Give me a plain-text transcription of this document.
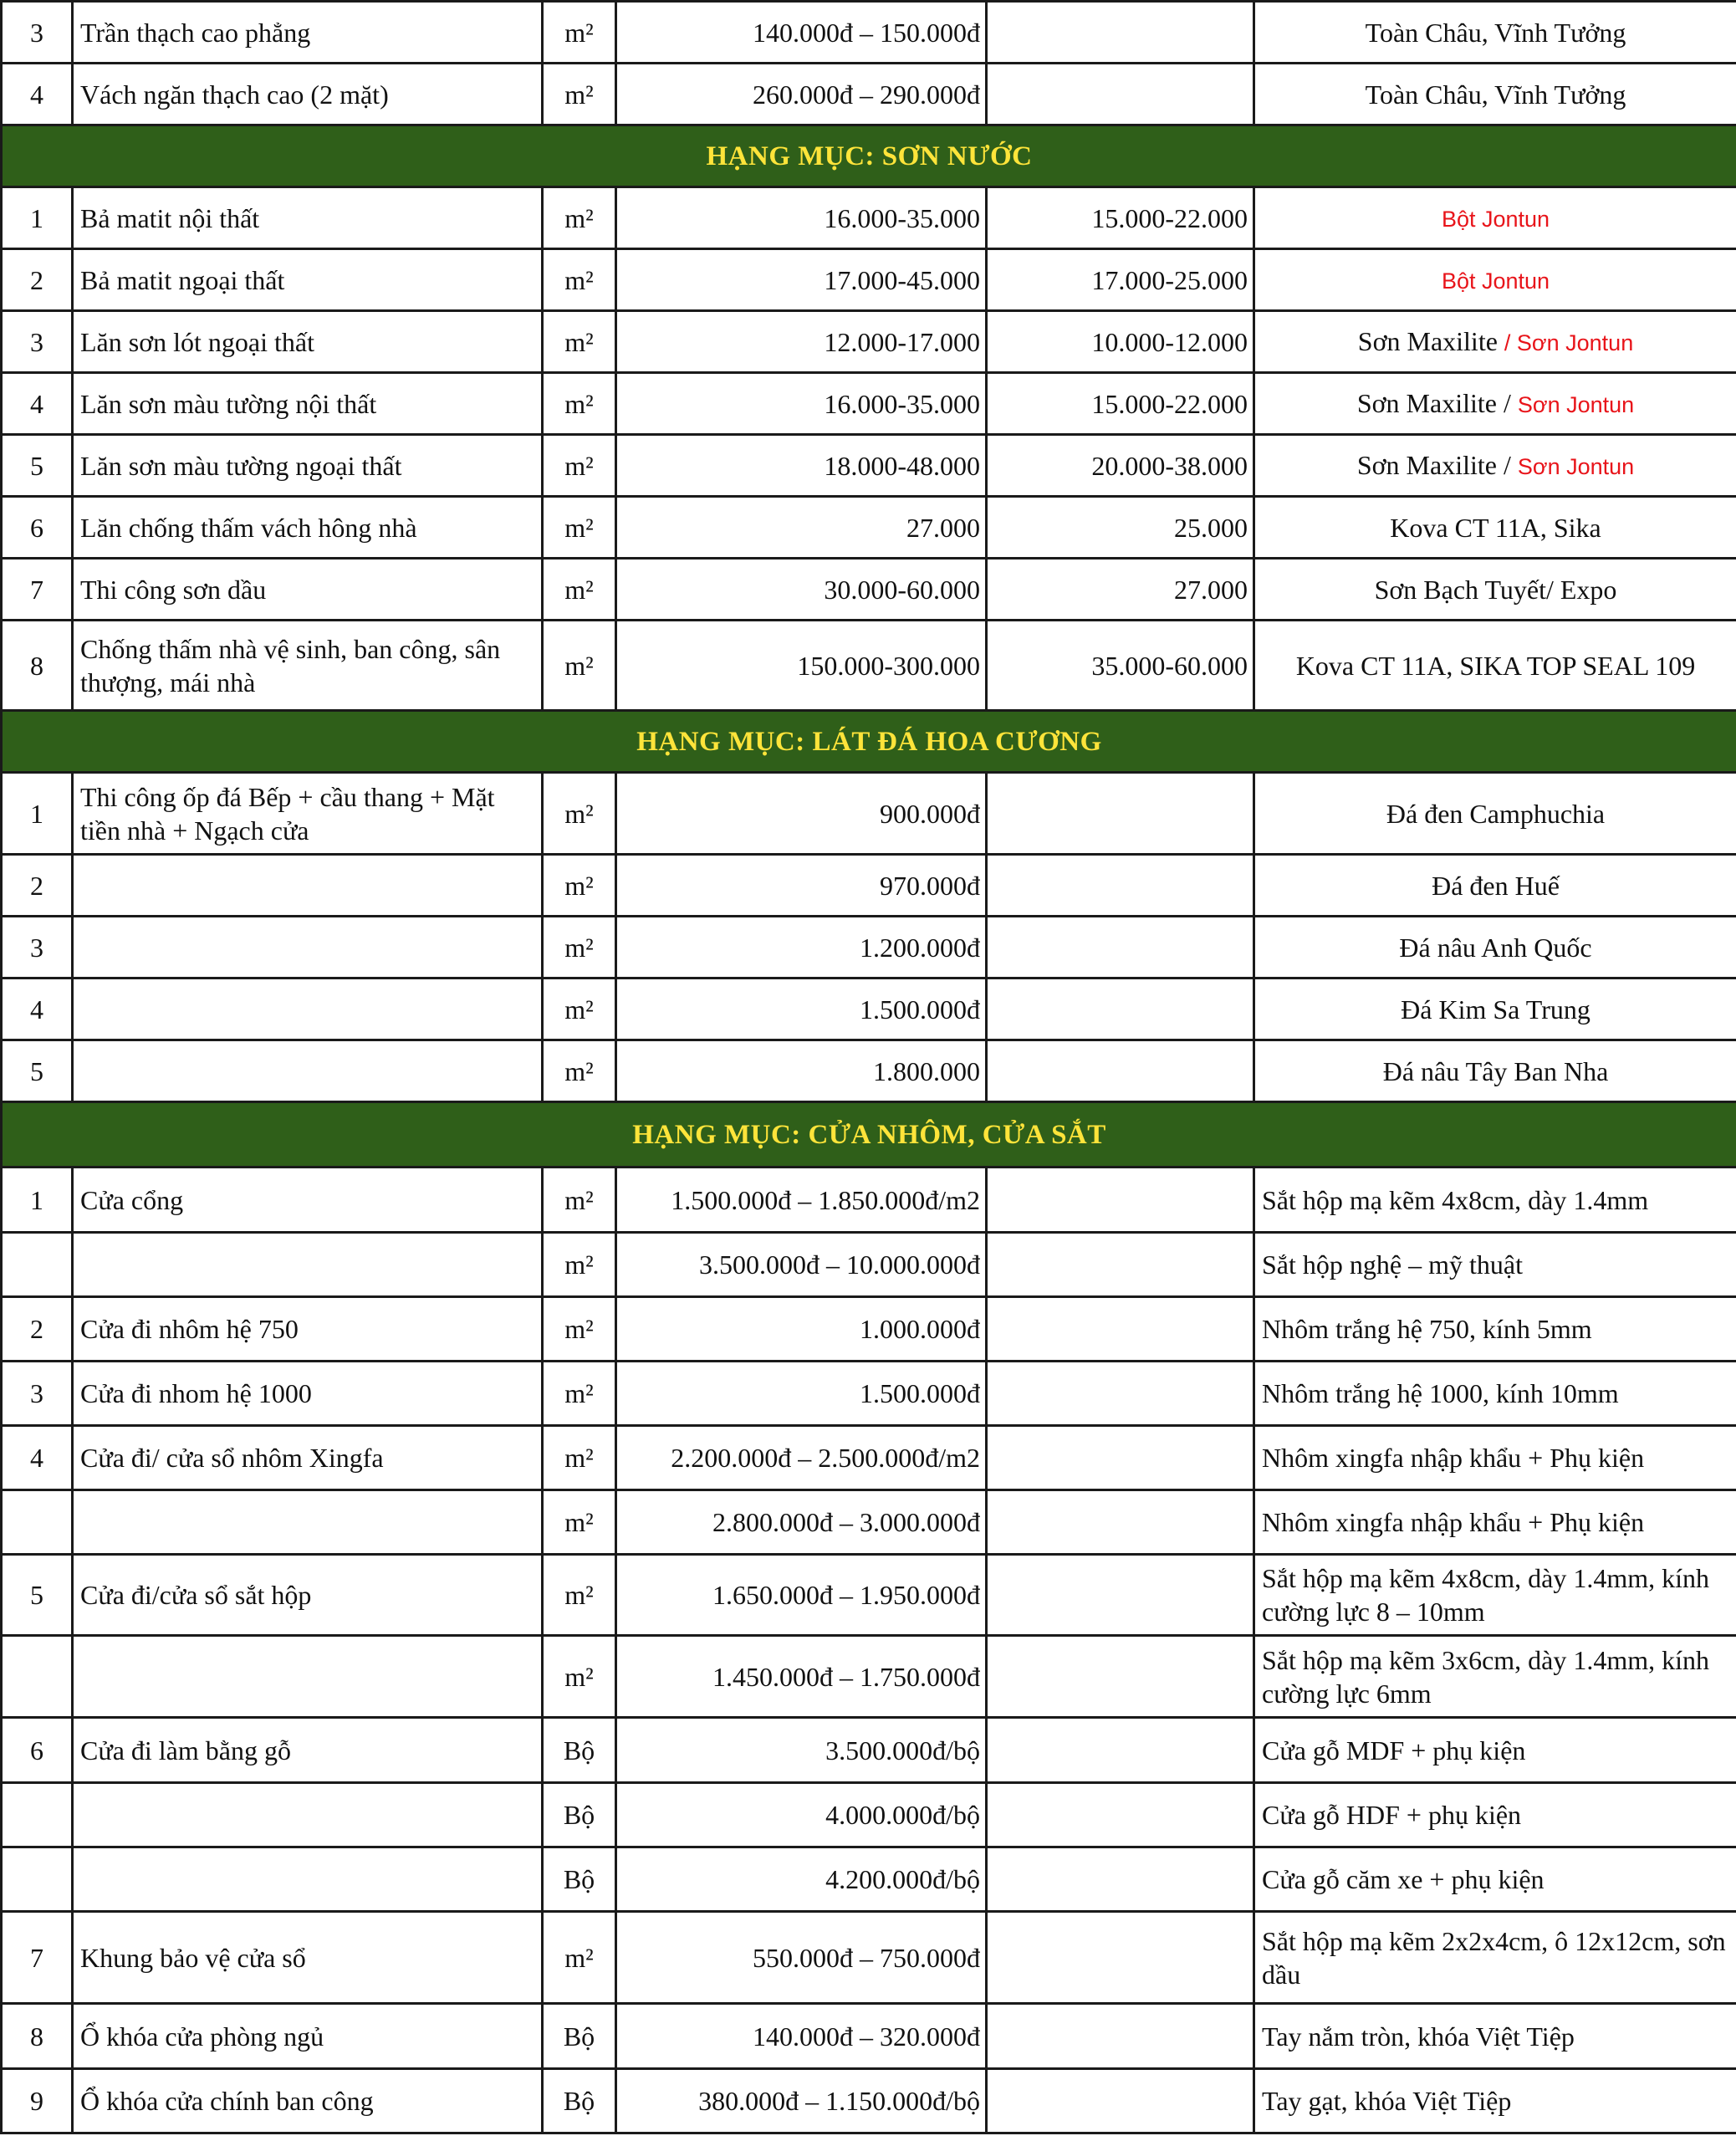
3	Trần thạch cao phẳng	m²	140.000đ – 150.000đ		Toàn Châu, Vĩnh Tưởng
4	Vách ngăn thạch cao (2 mặt)	m²	260.000đ – 290.000đ		Toàn Châu, Vĩnh Tưởng
HẠNG MỤC: SƠN NƯỚC					
1	Bả matit nội thất	m²	16.000-35.000	15.000-22.000	Bột Jontun
2	Bả matit ngoại thất	m²	17.000-45.000	17.000-25.000	Bột Jontun
3	Lăn sơn lót ngoại thất	m²	12.000-17.000	10.000-12.000	Sơn Maxilite / Sơn Jontun
4	Lăn sơn màu tường nội thất	m²	16.000-35.000	15.000-22.000	Sơn Maxilite / Sơn Jontun
5	Lăn sơn màu tường ngoại thất	m²	18.000-48.000	20.000-38.000	Sơn Maxilite / Sơn Jontun
6	Lăn chống thấm vách hông nhà	m²	27.000	25.000	Kova CT 11A, Sika
7	Thi công sơn dầu	m²	30.000-60.000	27.000	Sơn Bạch Tuyết/ Expo
8	Chống thấm nhà vệ sinh, ban công, sân thượng, mái nhà	m²	150.000-300.000	35.000-60.000	Kova CT 11A, SIKA TOP SEAL 109
HẠNG MỤC: LÁT ĐÁ HOA CƯƠNG					
1	Thi công ốp đá Bếp + cầu thang + Mặt tiền nhà + Ngạch cửa	m²	900.000đ		Đá đen Camphuchia
2		m²	970.000đ		Đá đen Huế
3		m²	1.200.000đ		Đá nâu Anh Quốc
4		m²	1.500.000đ		Đá Kim Sa Trung
5		m²	1.800.000		Đá nâu Tây Ban Nha
HẠNG MỤC: CỬA NHÔM, CỬA SẮT					
1	Cửa cổng	m²	1.500.000đ – 1.850.000đ/m2		Sắt hộp mạ kẽm 4x8cm, dày 1.4mm
		m²	3.500.000đ – 10.000.000đ		Sắt hộp nghệ – mỹ thuật
2	Cửa đi nhôm hệ 750	m²	1.000.000đ		Nhôm trắng hệ 750, kính 5mm
3	Cửa đi nhom hệ 1000	m²	1.500.000đ		Nhôm trắng hệ 1000, kính 10mm
4	Cửa đi/ cửa sổ nhôm Xingfa	m²	2.200.000đ – 2.500.000đ/m2		Nhôm xingfa nhập khẩu + Phụ kiện
		m²	2.800.000đ – 3.000.000đ		Nhôm xingfa nhập khẩu + Phụ kiện
5	Cửa đi/cửa sổ sắt hộp	m²	1.650.000đ – 1.950.000đ		Sắt hộp mạ kẽm 4x8cm, dày 1.4mm, kính cường lực 8 – 10mm
		m²	1.450.000đ – 1.750.000đ		Sắt hộp mạ kẽm 3x6cm, dày 1.4mm, kính cường lực 6mm
6	Cửa đi làm bằng gỗ	Bộ	3.500.000đ/bộ		Cửa gỗ MDF + phụ kiện
		Bộ	4.000.000đ/bộ		Cửa gỗ HDF + phụ kiện
		Bộ	4.200.000đ/bộ		Cửa gỗ căm xe + phụ kiện
7	Khung bảo vệ cửa sổ	m²	550.000đ – 750.000đ		Sắt hộp mạ kẽm 2x2x4cm, ô 12x12cm, sơn dầu
8	Ổ khóa cửa phòng ngủ	Bộ	140.000đ – 320.000đ		Tay nắm tròn, khóa Việt Tiệp
9	Ổ khóa cửa chính ban công	Bộ	380.000đ – 1.150.000đ/bộ		Tay gạt, khóa Việt Tiệp
